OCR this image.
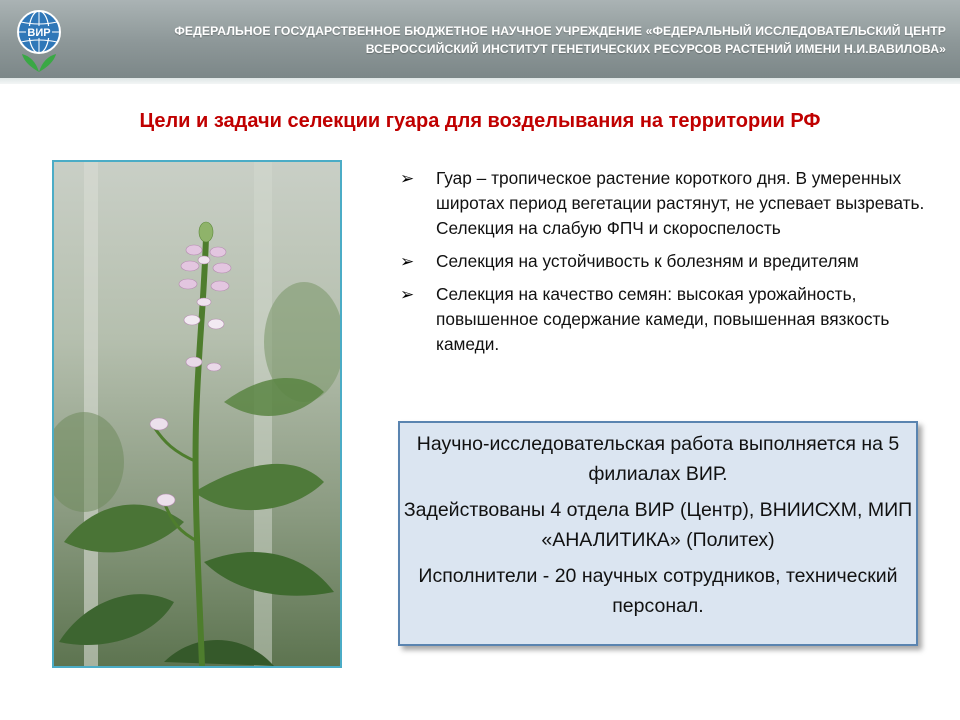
ВИР	ФЕДЕРАЛЬНОЕ ГОСУДАРСТВЕННОЕ БЮДЖЕТНОЕ НАУЧНОЕ УЧРЕЖДЕНИЕ «ФЕДЕРАЛЬНЫЙ ИССЛЕДОВАТЕЛЬСКИЙ ЦЕНТР
ВСЕРОССИЙСКИЙ ИНСТИТУТ ГЕНЕТИЧЕСКИХ РЕСУРСОВ РАСТЕНИЙ ИМЕНИ Н.И.ВАВИЛОВА»
Цели и задачи селекции гуара для возделывания на территории РФ
➢ Гуар – тропическое растение короткого дня. В умеренных широтах период вегетации растянут, не успевает вызревать. Селекция на слабую ФПЧ и скороспелость
➢ Селекция на устойчивость к болезням и вредителям
➢ Селекция на качество семян: высокая урожайность, повышенное содержание камеди, повышенная вязкость камеди.

Научно-исследовательская работа выполняется на 5 филиалах ВИР.

Задействованы 4 отдела ВИР (Центр), ВНИИСХМ, МИП «АНАЛИТИКА» (Политех)

Исполнители - 20 научных сотрудников, технический персонал.
